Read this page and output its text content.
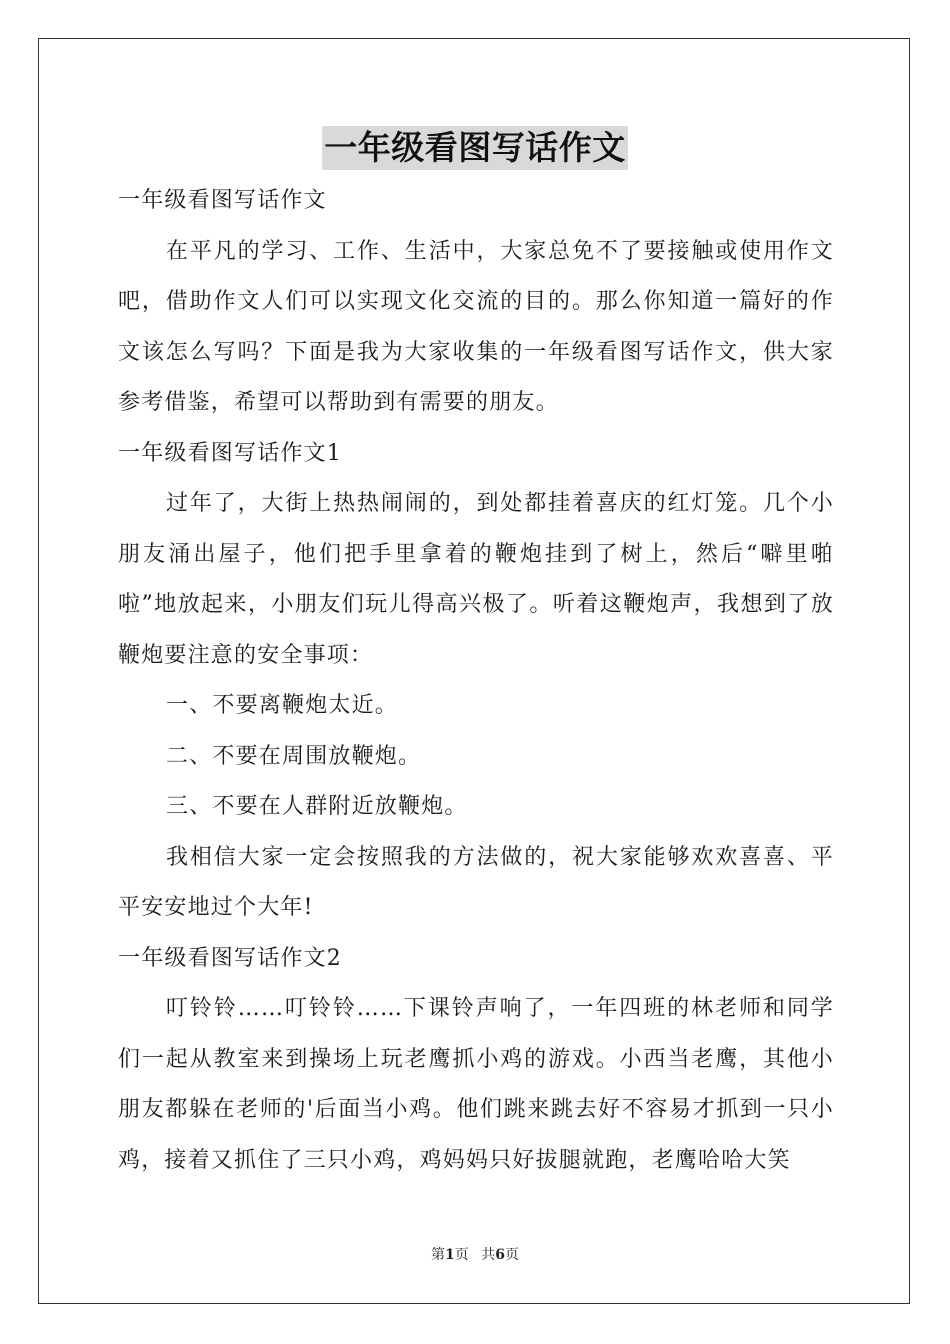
一年级看图写话作文

一年级看图写话作文

在平凡的学习、工作、生活中，大家总免不了要接触或使用作文吧，借助作文人们可以实现文化交流的目的。那么你知道一篇好的作文该怎么写吗？下面是我为大家收集的一年级看图写话作文，供大家参考借鉴，希望可以帮助到有需要的朋友。

一年级看图写话作文1

过年了，大街上热热闹闹的，到处都挂着喜庆的红灯笼。几个小朋友涌出屋子，他们把手里拿着的鞭炮挂到了树上，然后“噼里啪啦”地放起来，小朋友们玩儿得高兴极了。听着这鞭炮声，我想到了放鞭炮要注意的安全事项：

一、不要离鞭炮太近。

二、不要在周围放鞭炮。

三、不要在人群附近放鞭炮。

我相信大家一定会按照我的方法做的，祝大家能够欢欢喜喜、平平安安地过个大年!

一年级看图写话作文2

叮铃铃……叮铃铃……下课铃声响了，一年四班的林老师和同学们一起从教室来到操场上玩老鹰抓小鸡的游戏。小西当老鹰，其他小朋友都躲在老师的'后面当小鸡。他们跳来跳去好不容易才抓到一只小鸡，接着又抓住了三只小鸡，鸡妈妈只好拔腿就跑，老鹰哈哈大笑

第1页 共6页
